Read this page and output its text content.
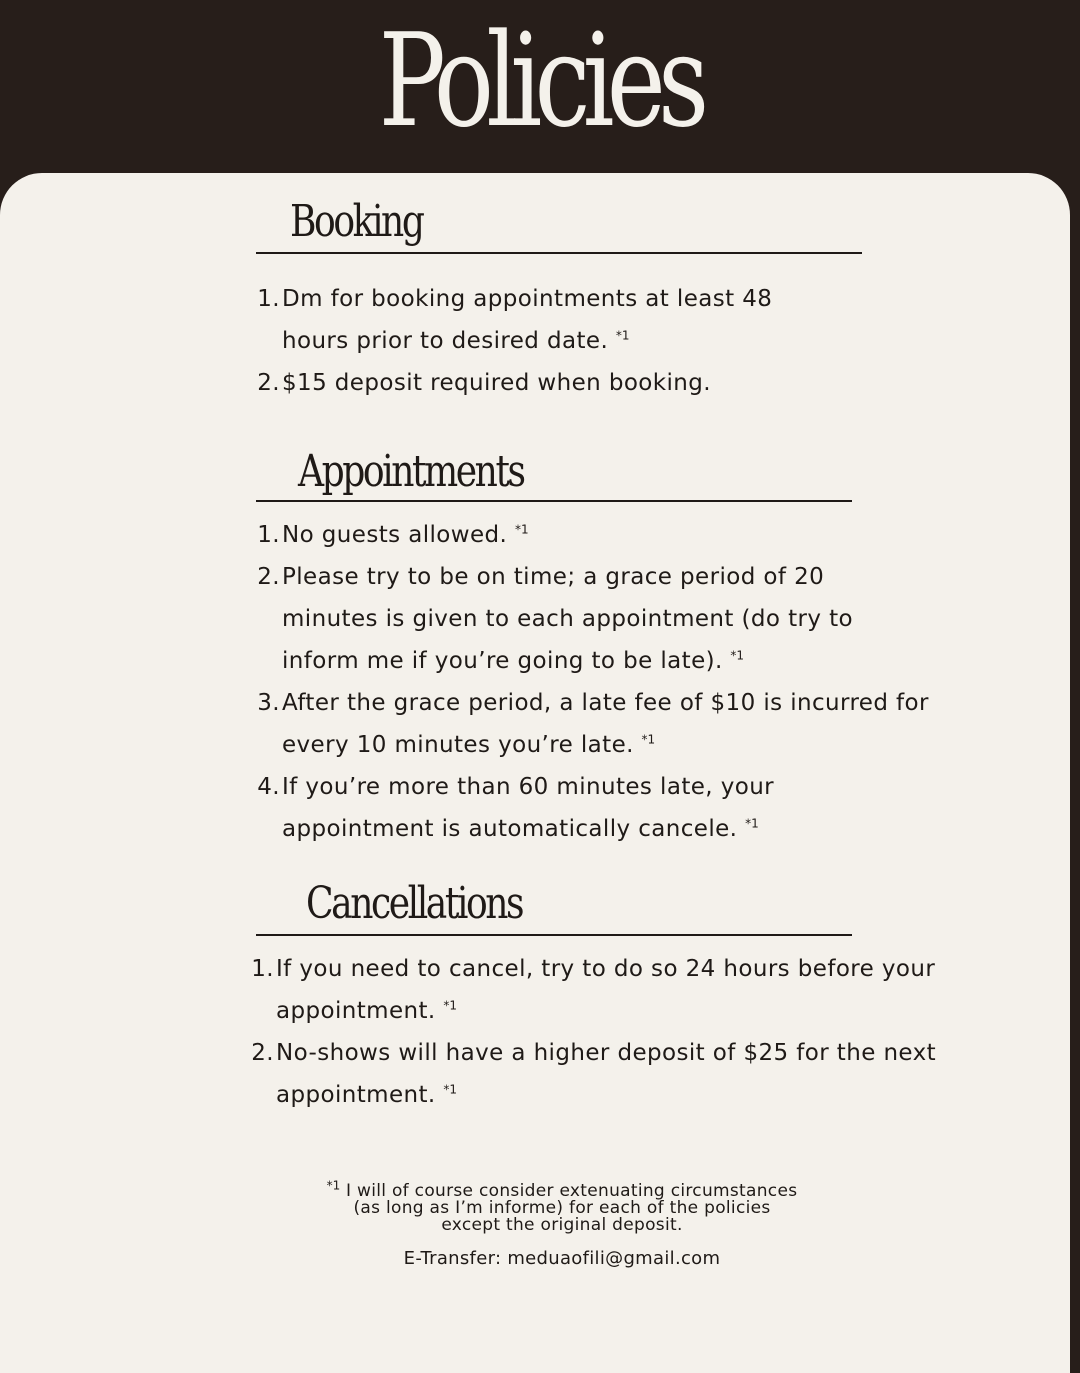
Policies
Booking
1. Dm for booking appointments at least 48 hours prior to desired date. $^{*1}$
2. $15 deposit required when booking.
Appointments
1. No guests allowed. $^{*1}$
2. Please try to be on time; a grace period of 20 minutes is given to each appointment (do try to inform me if you’re going to be late). $^{*1}$
3. After the grace period, a late fee of $10 is incurred for every 10 minutes you’re late. $^{*1}$
4. If you’re more than 60 minutes late, your appointment is automatically cancele. $^{*1}$
Cancellations
1. If you need to cancel, try to do so 24 hours before your appointment. $^{*1}$
2. No-shows will have a higher deposit of $25 for the next appointment. $^{*1}$
$^{*1}$ I will of course consider extenuating circumstances
(as long as I’m informe) for each of the policies
except the original deposit.
E-Transfer: meduaofili@gmail.com
